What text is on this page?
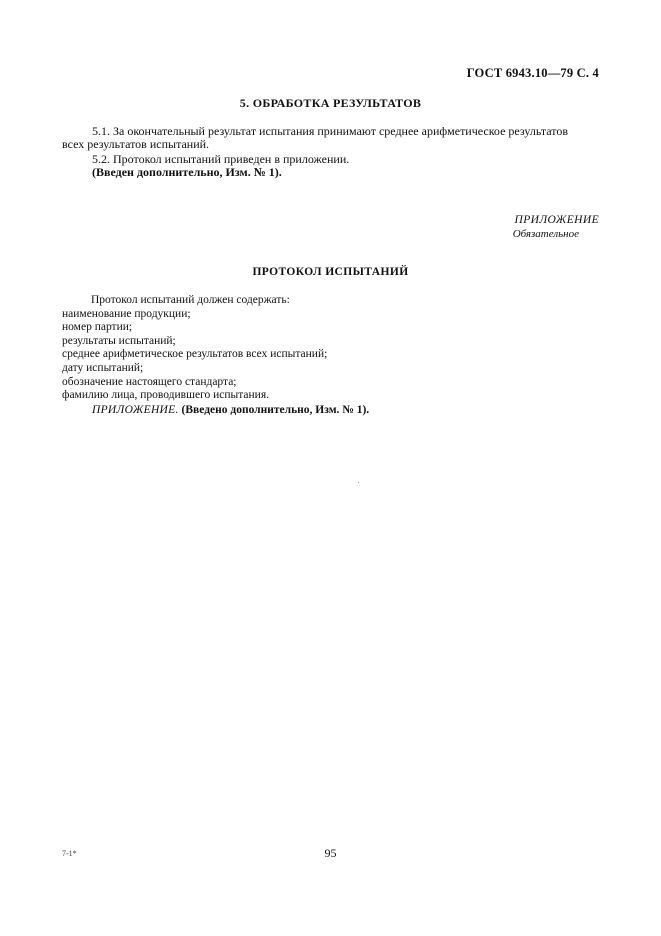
ГОСТ 6943.10—79 С. 4
5. ОБРАБОТКА РЕЗУЛЬТАТОВ
5.1. За окончательный результат испытания принимают среднее арифметическое результатов
всех результатов испытаний.
5.2. Протокол испытаний приведен в приложении.
(Введен дополнительно, Изм. № 1).
ПРИЛОЖЕНИЕ
Обязательное
ПРОТОКОЛ ИСПЫТАНИЙ
Протокол испытаний должен содержать:
наименование продукции;
номер партии;
результаты испытаний;
среднее арифметическое результатов всех испытаний;
дату испытаний;
обозначение настоящего стандарта;
фамилию лица, проводившего испытания.
ПРИЛОЖЕНИЕ. (Введено дополнительно, Изм. № 1).
7-1*	95
